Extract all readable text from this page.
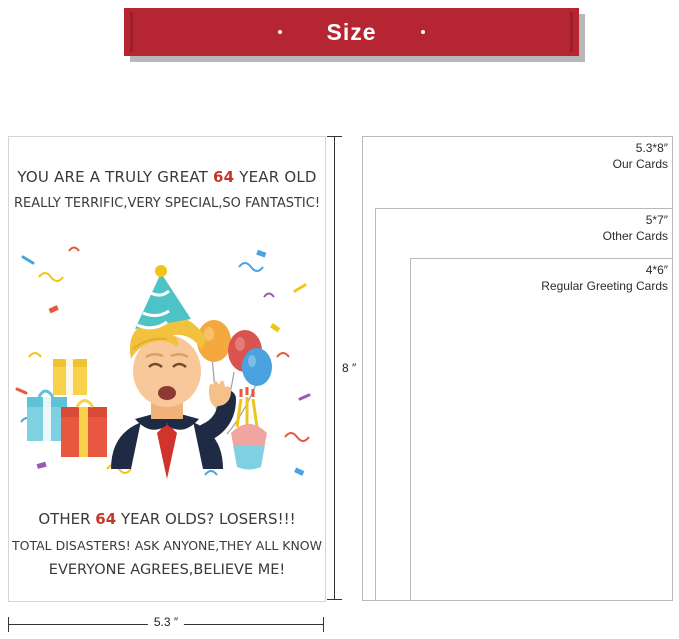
Size
YOU ARE A TRULY GREAT 64 YEAR OLD
REALLY TERRIFIC,VERY SPECIAL,SO FANTASTIC!
OTHER 64 YEAR OLDS? LOSERS!!!
TOTAL DISASTERS! ASK ANYONE,THEY ALL KNOW
EVERYONE AGREES,BELIEVE ME!
8 ″
5.3 ″
5.3*8″
Our Cards
5*7″
Other Cards
4*6″
Regular Greeting Cards
